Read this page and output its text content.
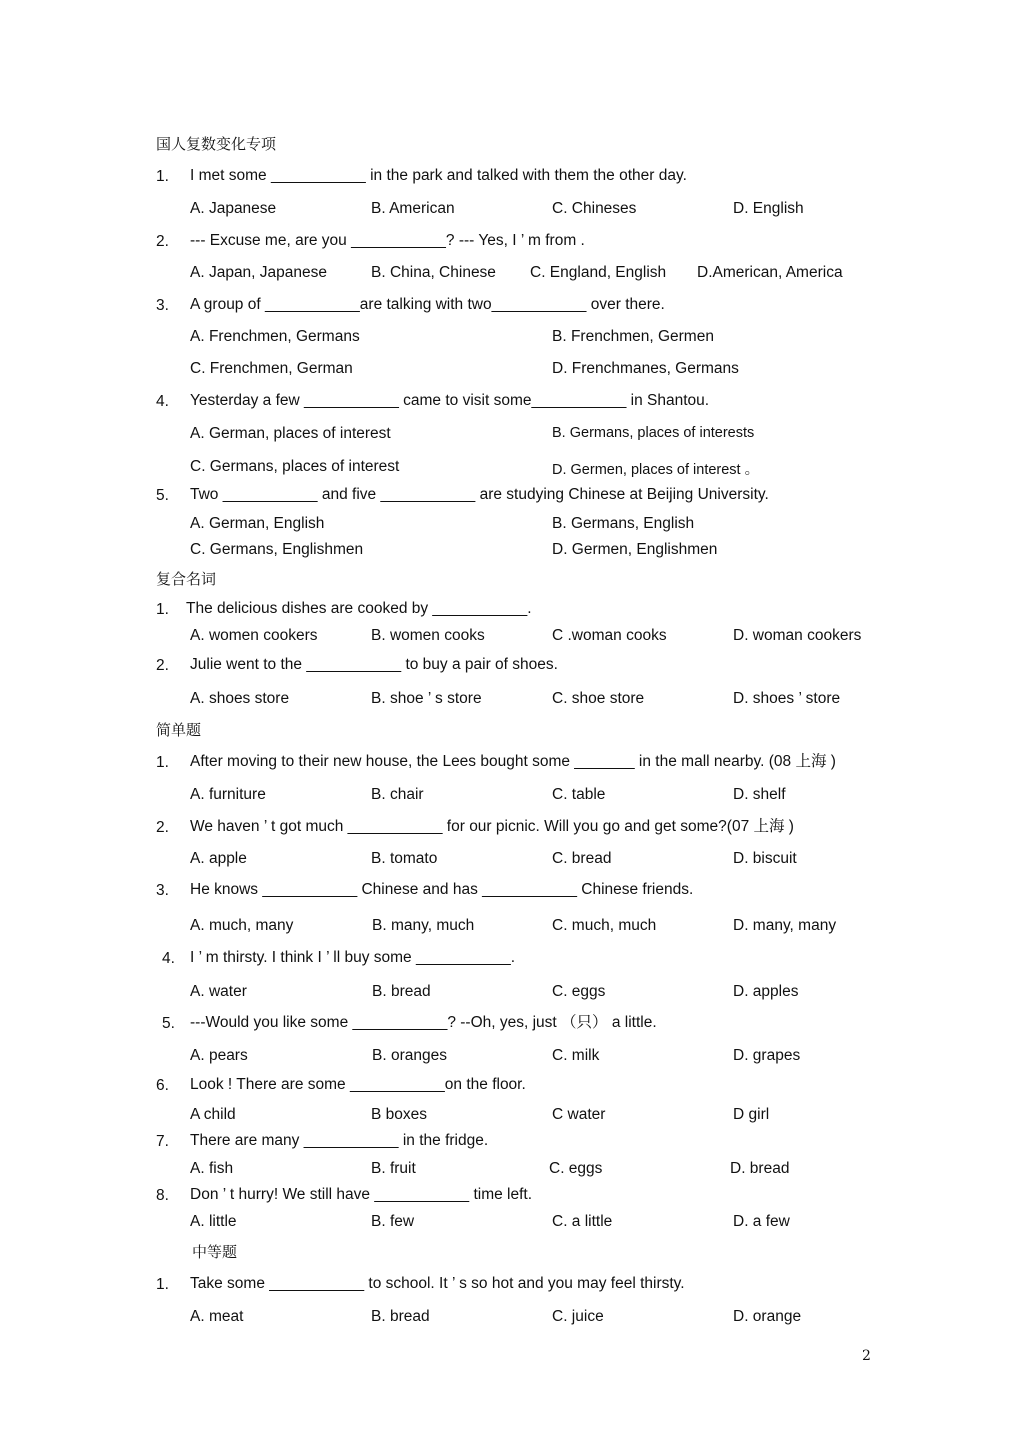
国人复数变化专项
1. I met some ___________ in the park and talked with them the other day.
A. Japanese	B. American	C. Chineses	D. English
2. --- Excuse me, are you ___________? --- Yes, I ’ m from .
A. Japan, Japanese	B. China, Chinese C. England, English D.American, America
3. A group of ___________are talking with two___________ over there.
A. Frenchmen, Germans	B. Frenchmen, Germen
C. Frenchmen, German	D. Frenchmanes, Germans
4. Yesterday a few ___________ came to visit some___________ in Shantou.
A. German, places of interest	B. Germans, places of interests
C. Germans, places of interest	D. Germen, places of interest 。
5. Two ___________ and five ___________ are studying Chinese at Beijing University.
A. German, English	B. Germans, English
C. Germans, Englishmen	D. Germen, Englishmen
复合名词
1. The delicious dishes are cooked by ___________.
A. women cookers	B. women cooks	C .woman cooks	D. woman cookers
2. Julie went to the ___________ to buy a pair of shoes.
A. shoes store	B. shoe ’ s store	C. shoe store	D. shoes ’ store
简单题
1. After moving to their new house, the Lees bought some _______ in the mall nearby. (08 上海 )
A. furniture	B. chair	C. table	D. shelf
2. We haven ’ t got much ___________ for our picnic. Will you go and get some?(07 上海 )
A. apple	B. tomato	C. bread	D. biscuit
3. He knows ___________ Chinese and has ___________ Chinese friends.
A. much, many	B. many, much	C. much, much	D. many, many
4. I ’ m thirsty. I think I ’ ll buy some ___________.
A. water	B. bread	C. eggs	D. apples
5. ---Would you like some ___________? --Oh, yes, just （只） a little.
A. pears	B. oranges	C. milk	D. grapes
6. Look ! There are some ___________on the floor.
A child	B boxes	C water	D girl
7. There are many ___________ in the fridge.
A. fish	B. fruit	C. eggs	D. bread
8. Don ’ t hurry! We still have ___________ time left.
A. little	B. few	C. a little	D. a few
中等题
1. Take some ___________ to school. It ’ s so hot and you may feel thirsty.
A. meat	B. bread	C. juice	D. orange
2
